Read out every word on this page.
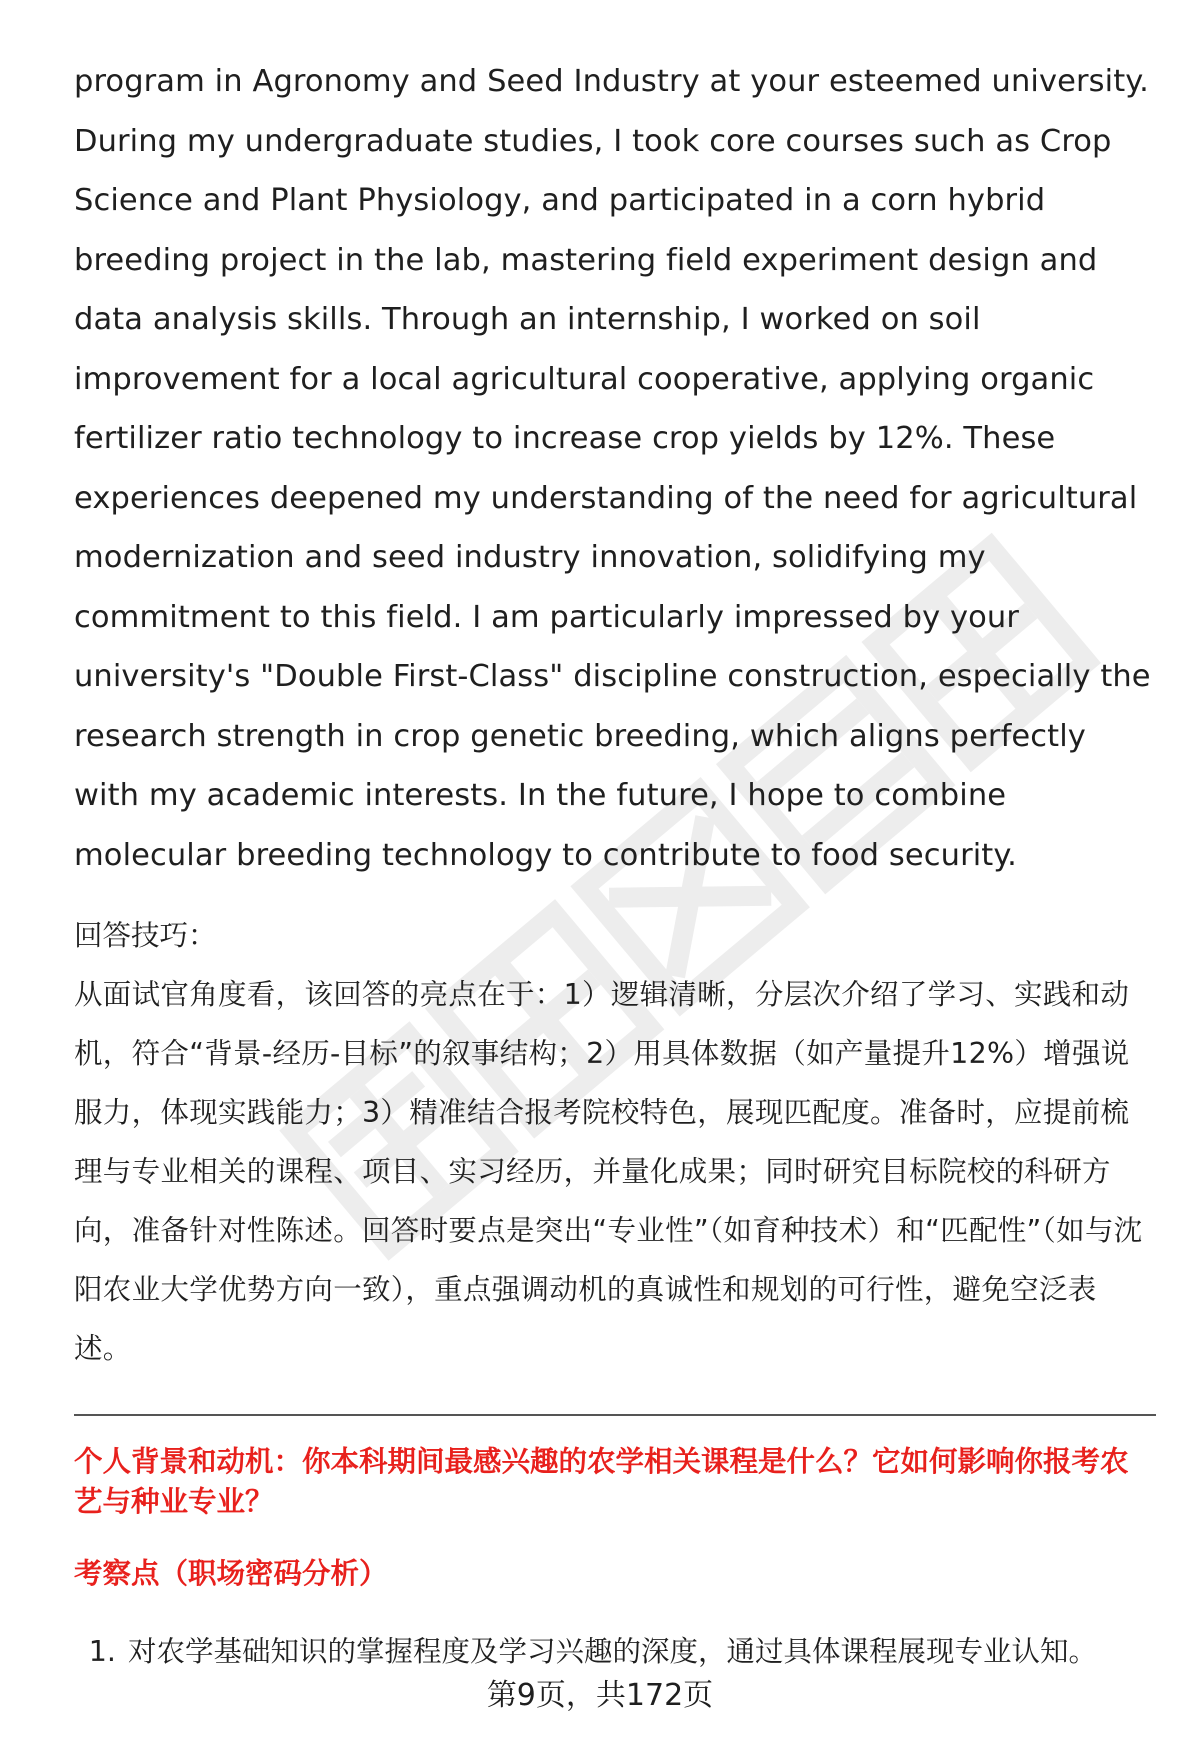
program in Agronomy and Seed Industry at your esteemed university. During my undergraduate studies, I took core courses such as Crop Science and Plant Physiology, and participated in a corn hybrid breeding project in the lab, mastering field experiment design and data analysis skills. Through an internship, I worked on soil improvement for a local agricultural cooperative, applying organic fertilizer ratio technology to increase crop yields by 12%. These experiences deepened my understanding of the need for agricultural modernization and seed industry innovation, solidifying my commitment to this field. I am particularly impressed by your university's "Double First-Class" discipline construction, especially the research strength in crop genetic breeding, which aligns perfectly with my academic interests. In the future, I hope to combine molecular breeding technology to contribute to food security.

回答技巧：

从面试官角度看，该回答的亮点在于：1）逻辑清晰，分层次介绍了学习、实践和动机，符合“背景-经历-目标”的叙事结构；2）用具体数据（如产量提升12%）增强说服力，体现实践能力；3）精准结合报考院校特色，展现匹配度。准备时，应提前梳理与专业相关的课程、项目、实习经历，并量化成果；同时研究目标院校的科研方向，准备针对性陈述。回答时要点是突出“专业性”（如育种技术）和“匹配性”（如与沈阳农业大学优势方向一致），重点强调动机的真诚性和规划的可行性，避免空泛表述。

个人背景和动机：你本科期间最感兴趣的农学相关课程是什么？它如何影响你报考农艺与种业专业？

考察点（职场密码分析）

1. 对农学基础知识的掌握程度及学习兴趣的深度，通过具体课程展现专业认知。
第9页，共172页
